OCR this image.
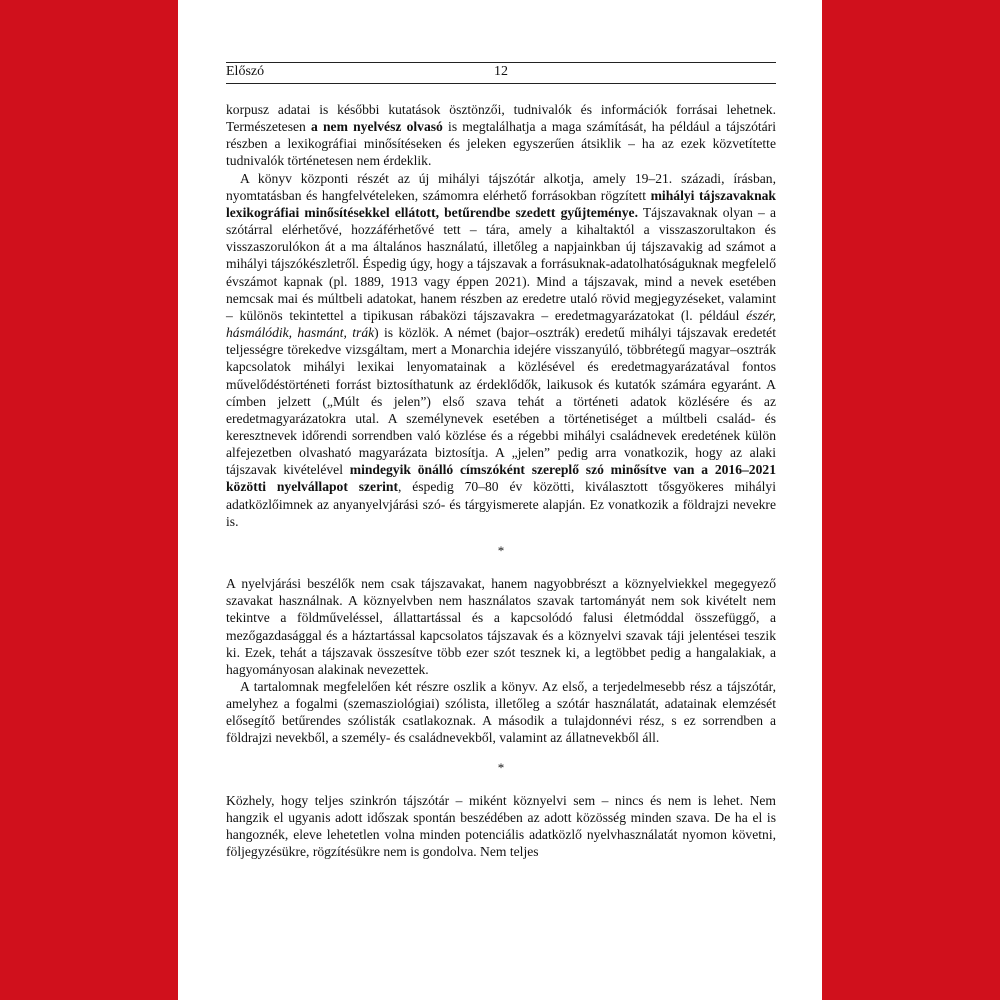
Előszó	12

korpusz adatai is későbbi kutatások ösztönzői, tudnivalók és információk forrásai lehetnek. Természetesen a nem nyelvész olvasó is megtalálhatja a maga számítását, ha például a tájszótári részben a lexikográfiai minősítéseken és jeleken egyszerűen átsiklik – ha az ezek közvetítette tudnivalók történetesen nem érdeklik.

A könyv központi részét az új mihályi tájszótár alkotja, amely 19–21. századi, írásban, nyomtatásban és hangfelvételeken, számomra elérhető forrásokban rögzített mihályi tájszavaknak lexikográfiai minősítésekkel ellátott, betűrendbe szedett gyűjteménye. Tájszavaknak olyan – a szótárral elérhetővé, hozzáférhetővé tett – tára, amely a kihaltaktól a visszaszorultakon és visszaszorulókon át a ma általános használatú, illetőleg a napjainkban új tájszavakig ad számot a mihályi tájszókészletről. Éspedig úgy, hogy a tájszavak a forrásuknak-adatolhatóságuknak megfelelő évszámot kapnak (pl. 1889, 1913 vagy éppen 2021). Mind a tájszavak, mind a nevek esetében nemcsak mai és múltbeli adatokat, hanem részben az eredetre utaló rövid megjegyzéseket, valamint – különös tekintettel a tipikusan rábaközi tájszavakra – eredetmagyarázatokat (l. például észér, hásmálódik, hasmánt, trák) is közlök. A német (bajor–osztrák) eredetű mihályi tájszavak eredetét teljességre törekedve vizsgáltam, mert a Monarchia idejére visszanyúló, többrétegű magyar–osztrák kapcsolatok mihályi lexikai lenyomatainak a közlésével és eredetmagyarázatával fontos művelődéstörténeti forrást biztosíthatunk az érdeklődők, laikusok és kutatók számára egyaránt. A címben jelzett („Múlt és jelen”) első szava tehát a történeti adatok közlésére és az eredetmagyarázatokra utal. A személynevek esetében a történetiséget a múltbeli család- és keresztnevek időrendi sorrendben való közlése és a régebbi mihályi családnevek eredetének külön alfejezetben olvasható magyarázata biztosítja. A „jelen” pedig arra vonatkozik, hogy az alaki tájszavak kivételével mindegyik önálló címszóként szereplő szó minősítve van a 2016–2021 közötti nyelvállapot szerint, éspedig 70–80 év közötti, kiválasztott tősgyökeres mihályi adatközlőimnek az anyanyelvjárási szó- és tárgyismerete alapján. Ez vonatkozik a földrajzi nevekre is.

*

A nyelvjárási beszélők nem csak tájszavakat, hanem nagyobbrészt a köznyelviekkel megegyező szavakat használnak. A köznyelvben nem használatos szavak tartományát nem sok kivételt nem tekintve a földműveléssel, állattartással és a kapcsolódó falusi életmóddal összefüggő, a mezőgazdasággal és a háztartással kapcsolatos tájszavak és a köznyelvi szavak táji jelentései teszik ki. Ezek, tehát a tájszavak összesítve több ezer szót tesznek ki, a legtöbbet pedig a hangalakiak, a hagyományosan alakinak nevezettek.

A tartalomnak megfelelően két részre oszlik a könyv. Az első, a terjedelmesebb rész a tájszótár, amelyhez a fogalmi (szemasziológiai) szólista, illetőleg a szótár használatát, adatainak elemzését elősegítő betűrendes szólisták csatlakoznak. A második a tulajdonnévi rész, s ez sorrendben a földrajzi nevekből, a személy- és családnevekből, valamint az állatnevekből áll.

*

Közhely, hogy teljes szinkrón tájszótár – miként köznyelvi sem – nincs és nem is lehet. Nem hangzik el ugyanis adott időszak spontán beszédében az adott közösség minden szava. De ha el is hangoznék, eleve lehetetlen volna minden potenciális adatközlő nyelvhasználatát nyomon követni, följegyzésükre, rögzítésükre nem is gondolva. Nem teljes
